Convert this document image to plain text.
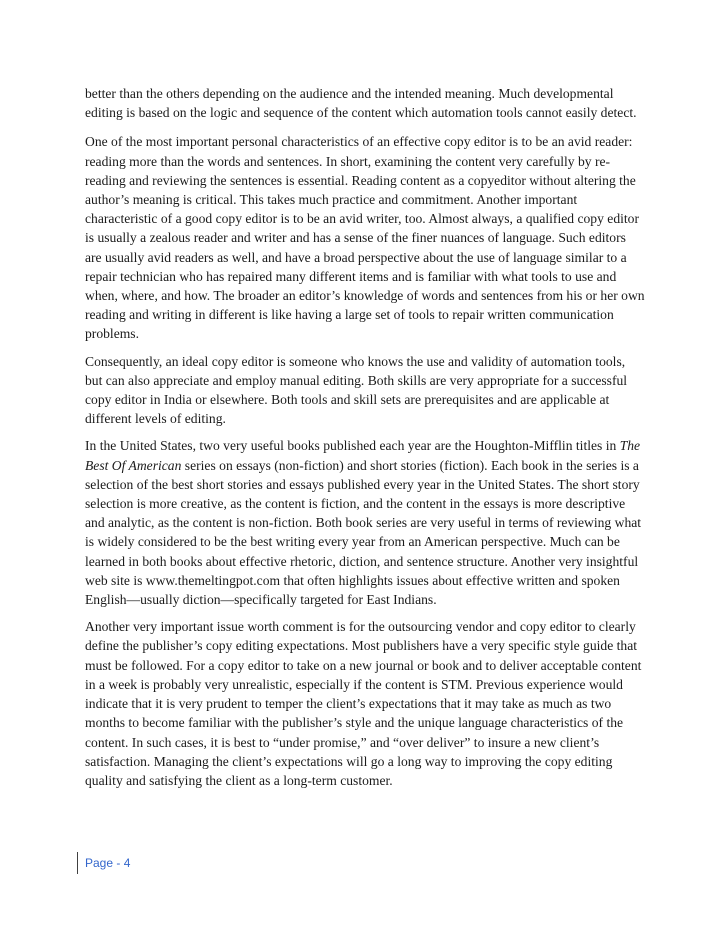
better than the others depending on the audience and the intended meaning. Much developmental editing is based on the logic and sequence of the content which automation tools cannot easily detect.

One of the most important personal characteristics of an effective copy editor is to be an avid reader: reading more than the words and sentences. In short, examining the content very carefully by re-reading and reviewing the sentences is essential. Reading content as a copyeditor without altering the author’s meaning is critical. This takes much practice and commitment. Another important characteristic of a good copy editor is to be an avid writer, too. Almost always, a qualified copy editor is usually a zealous reader and writer and has a sense of the finer nuances of language. Such editors are usually avid readers as well, and have a broad perspective about the use of language similar to a repair technician who has repaired many different items and is familiar with what tools to use and when, where, and how. The broader an editor’s knowledge of words and sentences from his or her own reading and writing in different is like having a large set of tools to repair written communication problems.

Consequently, an ideal copy editor is someone who knows the use and validity of automation tools, but can also appreciate and employ manual editing. Both skills are very appropriate for a successful copy editor in India or elsewhere. Both tools and skill sets are prerequisites and are applicable at different levels of editing.

In the United States, two very useful books published each year are the Houghton-Mifflin titles in The Best Of American series on essays (non-fiction) and short stories (fiction). Each book in the series is a selection of the best short stories and essays published every year in the United States. The short story selection is more creative, as the content is fiction, and the content in the essays is more descriptive and analytic, as the content is non-fiction. Both book series are very useful in terms of reviewing what is widely considered to be the best writing every year from an American perspective. Much can be learned in both books about effective rhetoric, diction, and sentence structure. Another very insightful web site is www.themeltingpot.com that often highlights issues about effective written and spoken English—usually diction—specifically targeted for East Indians.

Another very important issue worth comment is for the outsourcing vendor and copy editor to clearly define the publisher’s copy editing expectations. Most publishers have a very specific style guide that must be followed. For a copy editor to take on a new journal or book and to deliver acceptable content in a week is probably very unrealistic, especially if the content is STM. Previous experience would indicate that it is very prudent to temper the client’s expectations that it may take as much as two months to become familiar with the publisher’s style and the unique language characteristics of the content. In such cases, it is best to “under promise,” and “over deliver” to insure a new client’s satisfaction. Managing the client’s expectations will go a long way to improving the copy editing quality and satisfying the client as a long-term customer.

Page - 4
